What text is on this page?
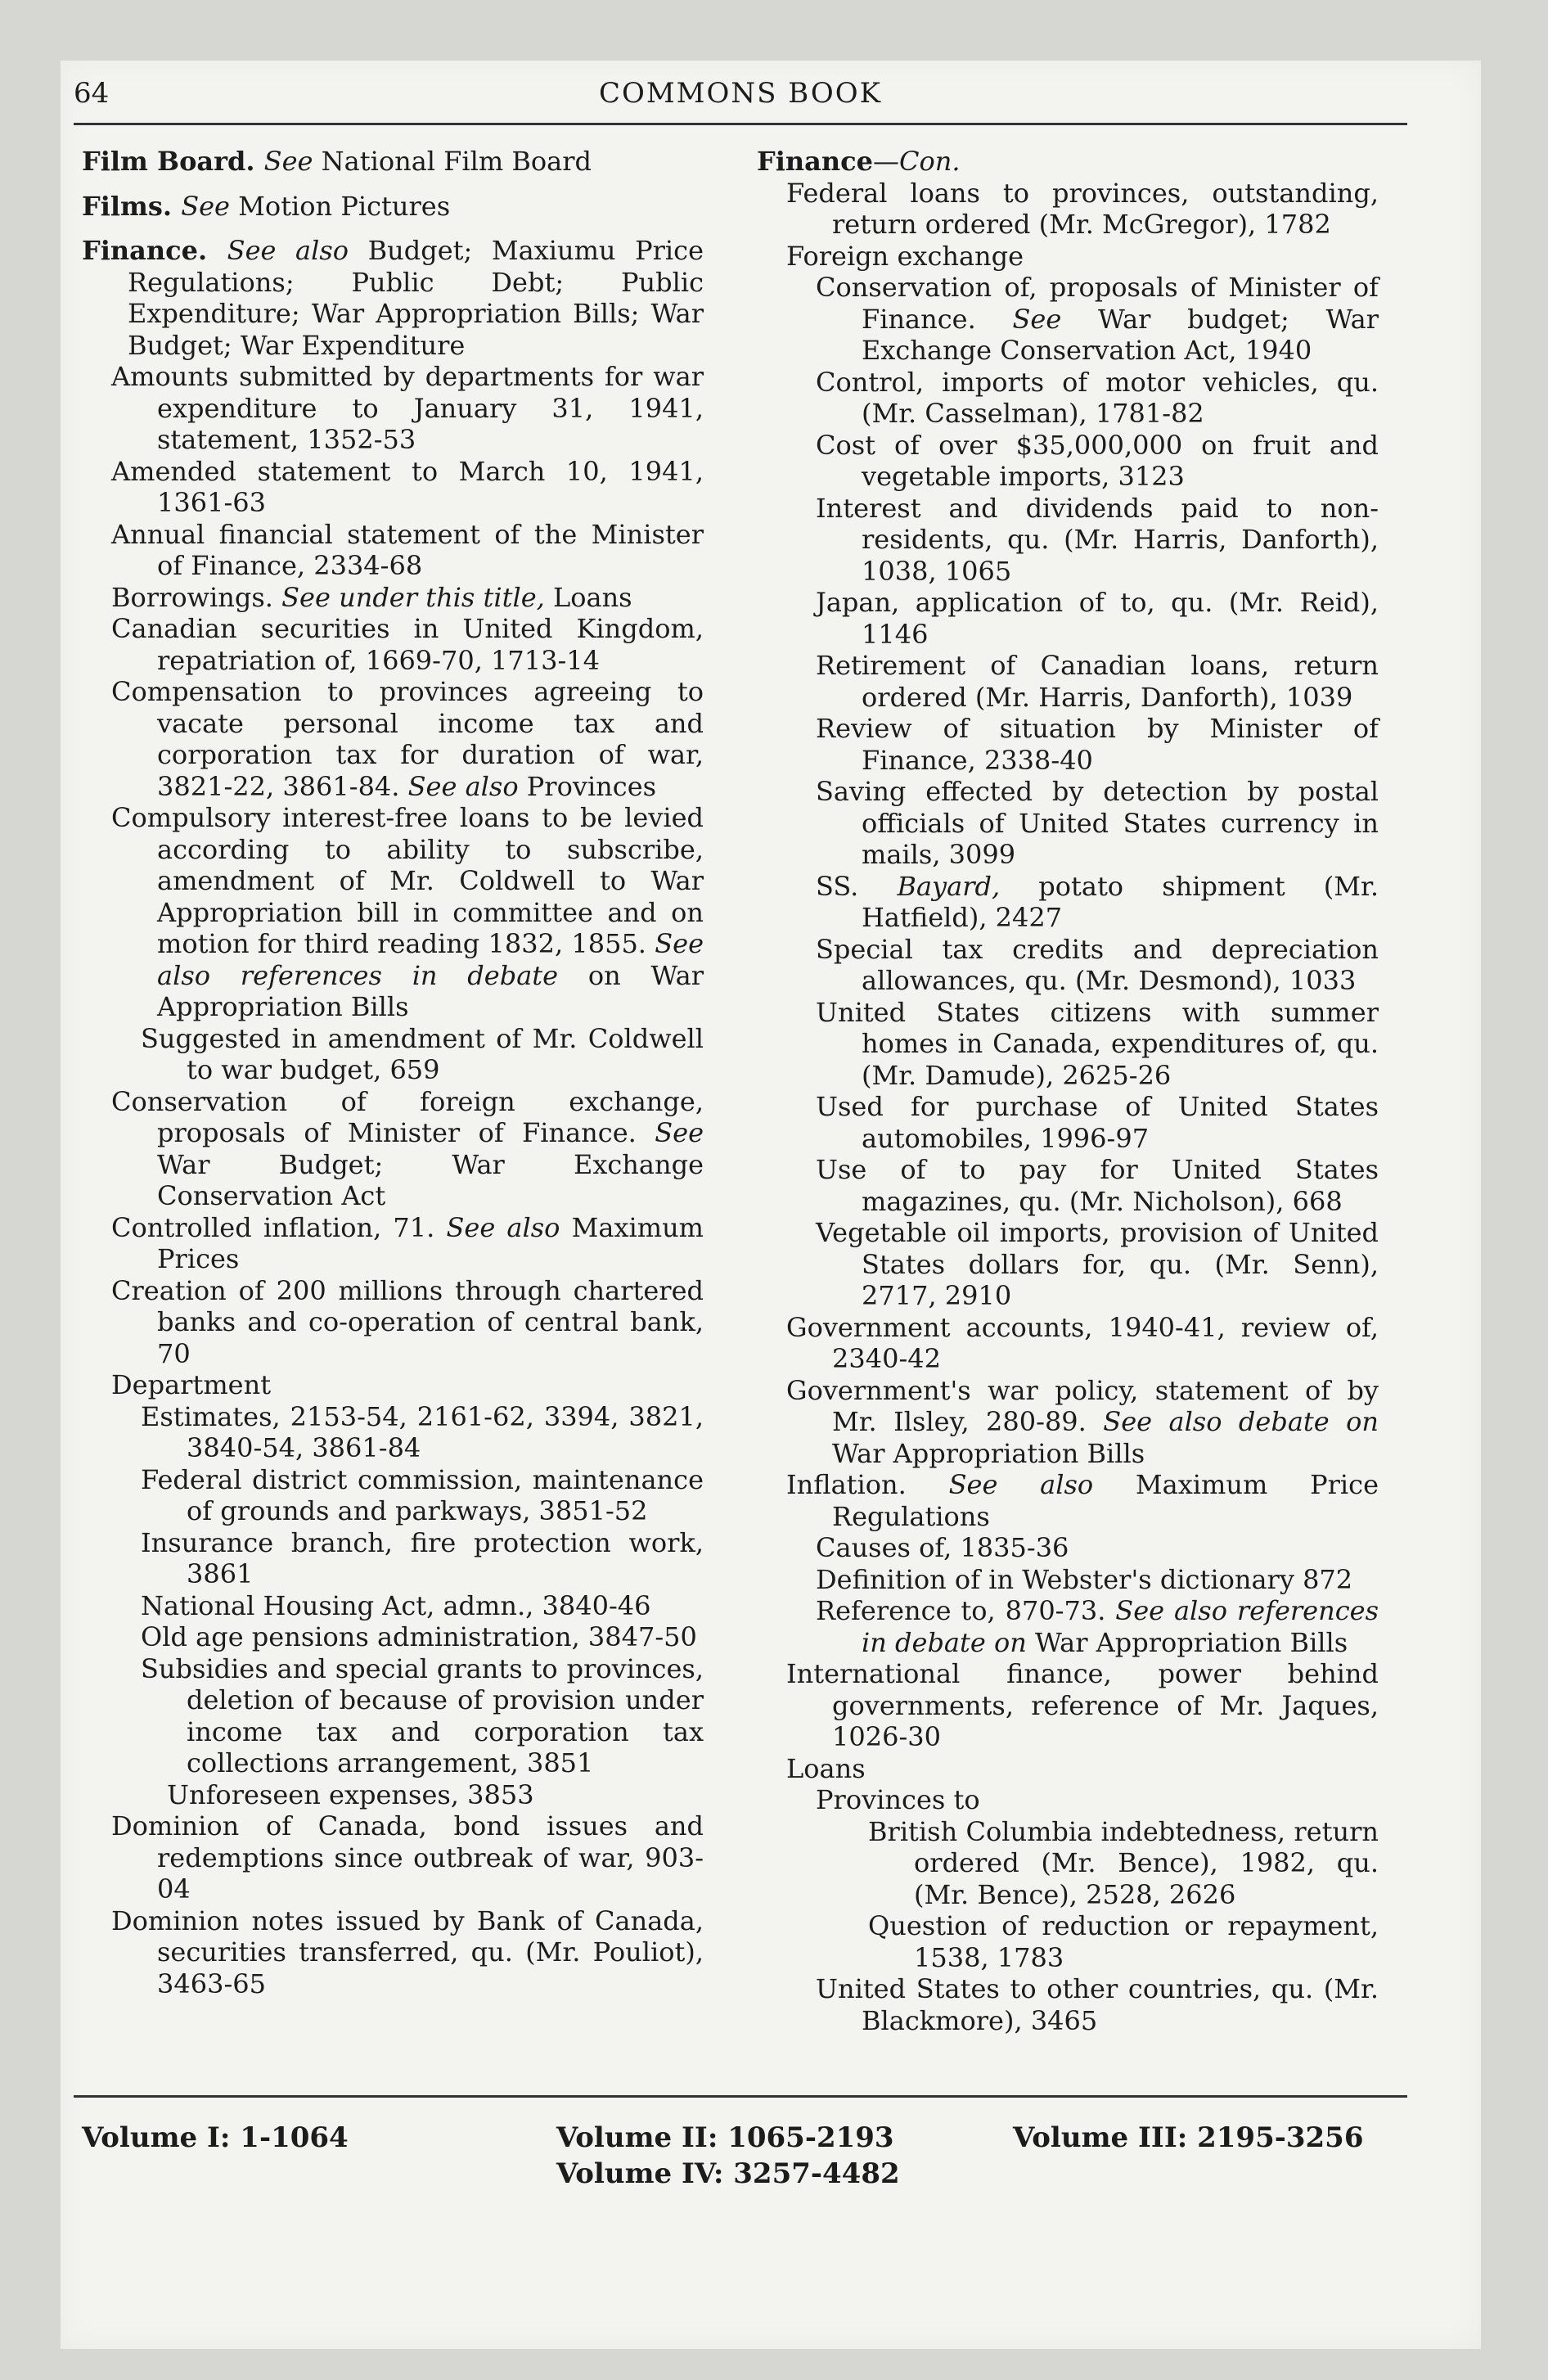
64	COMMONS BOOK

Film Board. See National Film Board

Films. See Motion Pictures

Finance. See also Budget; Maxiumu Price Regulations; Public Debt; Public Expenditure; War Appropriation Bills; War Budget; War Expenditure

Amounts submitted by departments for war expenditure to January 31, 1941, statement, 1352-53

Amended statement to March 10, 1941, 1361-63

Annual financial statement of the Minister of Finance, 2334-68

Borrowings. See under this title, Loans

Canadian securities in United Kingdom, repatriation of, 1669-70, 1713-14

Compensation to provinces agreeing to vacate personal income tax and corporation tax for duration of war, 3821-22, 3861-84. See also Provinces

Compulsory interest-free loans to be levied according to ability to subscribe, amendment of Mr. Coldwell to War Appropriation bill in committee and on motion for third reading 1832, 1855. See also references in debate on War Appropriation Bills

Suggested in amendment of Mr. Coldwell to war budget, 659

Conservation of foreign exchange, proposals of Minister of Finance. See War Budget; War Exchange Conservation Act

Controlled inflation, 71. See also Maximum Prices

Creation of 200 millions through chartered banks and co-operation of central bank, 70

Department

Estimates, 2153-54, 2161-62, 3394, 3821, 3840-54, 3861-84

Federal district commission, maintenance of grounds and parkways, 3851-52

Insurance branch, fire protection work, 3861

National Housing Act, admn., 3840-46

Old age pensions administration, 3847-50

Subsidies and special grants to provinces, deletion of because of provision under income tax and corporation tax collections arrangement, 3851

Unforeseen expenses, 3853

Dominion of Canada, bond issues and redemptions since outbreak of war, 903-04

Dominion notes issued by Bank of Canada, securities transferred, qu. (Mr. Pouliot), 3463-65

Finance—Con.

Federal loans to provinces, outstanding, return ordered (Mr. McGregor), 1782

Foreign exchange

Conservation of, proposals of Minister of Finance. See War budget; War Exchange Conservation Act, 1940

Control, imports of motor vehicles, qu. (Mr. Casselman), 1781-82

Cost of over $35,000,000 on fruit and vegetable imports, 3123

Interest and dividends paid to non-residents, qu. (Mr. Harris, Danforth), 1038, 1065

Japan, application of to, qu. (Mr. Reid), 1146

Retirement of Canadian loans, return ordered (Mr. Harris, Danforth), 1039

Review of situation by Minister of Finance, 2338-40

Saving effected by detection by postal officials of United States currency in mails, 3099

SS. Bayard, potato shipment (Mr. Hatfield), 2427

Special tax credits and depreciation allowances, qu. (Mr. Desmond), 1033

United States citizens with summer homes in Canada, expenditures of, qu. (Mr. Damude), 2625-26

Used for purchase of United States automobiles, 1996-97

Use of to pay for United States magazines, qu. (Mr. Nicholson), 668

Vegetable oil imports, provision of United States dollars for, qu. (Mr. Senn), 2717, 2910

Government accounts, 1940-41, review of, 2340-42

Government's war policy, statement of by Mr. Ilsley, 280-89. See also debate on War Appropriation Bills

Inflation. See also Maximum Price Regulations

Causes of, 1835-36

Definition of in Webster's dictionary 872

Reference to, 870-73. See also references in debate on War Appropriation Bills

International finance, power behind governments, reference of Mr. Jaques, 1026-30

Loans

Provinces to

British Columbia indebtedness, return ordered (Mr. Bence), 1982, qu. (Mr. Bence), 2528, 2626

Question of reduction or repayment, 1538, 1783

United States to other countries, qu. (Mr. Blackmore), 3465

Volume I: 1-1064	Volume II: 1065-2193
Volume IV: 3257-4482
Volume III: 2195-3256
